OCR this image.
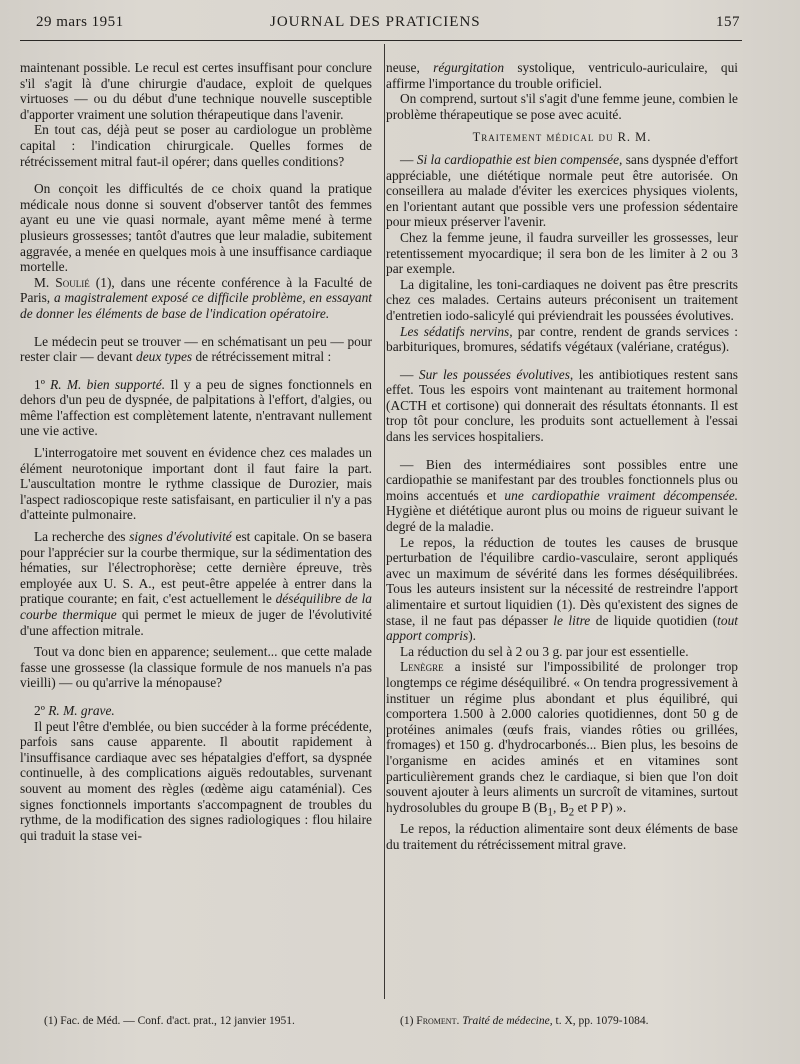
29 mars 1951	JOURNAL DES PRATICIENS	157

maintenant possible. Le recul est certes insuffisant pour conclure s'il s'agit là d'une chirurgie d'audace, exploit de quelques virtuoses — ou du début d'une technique nouvelle susceptible d'apporter vraiment une solution thérapeutique dans l'avenir.

En tout cas, déjà peut se poser au cardiologue un problème capital : l'indication chirurgicale. Quelles formes de rétrécissement mitral faut-il opérer; dans quelles conditions?

On conçoit les difficultés de ce choix quand la pratique médicale nous donne si souvent d'observer tantôt des femmes ayant eu une vie quasi normale, ayant même mené à terme plusieurs grossesses; tantôt d'autres que leur maladie, subitement aggravée, a menée en quelques mois à une insuffisance cardiaque mortelle.

M. Soulié (1), dans une récente conférence à la Faculté de Paris, a magistralement exposé ce difficile problème, en essayant de donner les éléments de base de l'indication opératoire.

Le médecin peut se trouver — en schématisant un peu — pour rester clair — devant deux types de rétrécissement mitral :

1º R. M. bien supporté. Il y a peu de signes fonctionnels en dehors d'un peu de dyspnée, de palpitations à l'effort, d'algies, ou même l'affection est complètement latente, n'entravant nullement une vie active.

L'interrogatoire met souvent en évidence chez ces malades un élément neurotonique important dont il faut faire la part. L'auscultation montre le rythme classique de Durozier, mais l'aspect radioscopique reste satisfaisant, en particulier il n'y a pas d'atteinte pulmonaire.

La recherche des signes d'évolutivité est capitale. On se basera pour l'apprécier sur la courbe thermique, sur la sédimentation des hématies, sur l'électrophorèse; cette dernière épreuve, très employée aux U. S. A., est peut-être appelée à entrer dans la pratique courante; en fait, c'est actuellement le déséquilibre de la courbe thermique qui permet le mieux de juger de l'évolutivité d'une affection mitrale.

Tout va donc bien en apparence; seulement... que cette malade fasse une grossesse (la classique formule de nos manuels n'a pas vieilli) — ou qu'arrive la ménopause?

2º R. M. grave.

Il peut l'être d'emblée, ou bien succéder à la forme précédente, parfois sans cause apparente. Il aboutit rapidement à l'insuffisance cardiaque avec ses hépatalgies d'effort, sa dyspnée continuelle, à des complications aiguës redoutables, survenant souvent au moment des règles (œdème aigu cataménial). Ces signes fonctionnels importants s'accompagnent de troubles du rythme, de la modification des signes radiologiques : flou hilaire qui traduit la stase vei-

neuse, régurgitation systolique, ventriculo-auriculaire, qui affirme l'importance du trouble orificiel.

On comprend, surtout s'il s'agit d'une femme jeune, combien le problème thérapeutique se pose avec acuité.

Traitement médical du R. M.

— Si la cardiopathie est bien compensée, sans dyspnée d'effort appréciable, une diététique normale peut être autorisée. On conseillera au malade d'éviter les exercices physiques violents, en l'orientant autant que possible vers une profession sédentaire pour mieux préserver l'avenir.

Chez la femme jeune, il faudra surveiller les grossesses, leur retentissement myocardique; il sera bon de les limiter à 2 ou 3 par exemple.

La digitaline, les toni-cardiaques ne doivent pas être prescrits chez ces malades. Certains auteurs préconisent un traitement d'entretien iodo-salicylé qui préviendrait les poussées évolutives.

Les sédatifs nervins, par contre, rendent de grands services : barbituriques, bromures, sédatifs végétaux (valériane, cratégus).

— Sur les poussées évolutives, les antibiotiques restent sans effet. Tous les espoirs vont maintenant au traitement hormonal (ACTH et cortisone) qui donnerait des résultats étonnants. Il est trop tôt pour conclure, les produits sont actuellement à l'essai dans les services hospitaliers.

— Bien des intermédiaires sont possibles entre une cardiopathie se manifestant par des troubles fonctionnels plus ou moins accentués et une cardiopathie vraiment décompensée. Hygiène et diététique auront plus ou moins de rigueur suivant le degré de la maladie.

Le repos, la réduction de toutes les causes de brusque perturbation de l'équilibre cardio-vasculaire, seront appliqués avec un maximum de sévérité dans les formes déséquilibrées. Tous les auteurs insistent sur la nécessité de restreindre l'apport alimentaire et surtout liquidien (1). Dès qu'existent des signes de stase, il ne faut pas dépasser le litre de liquide quotidien (tout apport compris).

La réduction du sel à 2 ou 3 g. par jour est essentielle.

Lenègre a insisté sur l'impossibilité de prolonger trop longtemps ce régime déséquilibré. « On tendra progressivement à instituer un régime plus abondant et plus équilibré, qui comportera 1.500 à 2.000 calories quotidiennes, dont 50 g de protéines animales (œufs frais, viandes rôties ou grillées, fromages) et 150 g. d'hydrocarbonés... Bien plus, les besoins de l'organisme en acides aminés et en vitamines sont particulièrement grands chez le cardiaque, si bien que l'on doit souvent ajouter à leurs aliments un surcroît de vitamines, surtout hydrosolubles du groupe B ($B_1$, $B_2$ et P P) ».

Le repos, la réduction alimentaire sont deux éléments de base du traitement du rétrécissement mitral grave.

(1) Fac. de Méd. — Conf. d'act. prat., 12 janvier 1951.	(1) Froment. Traité de médecine, t. X, pp. 1079-1084.
